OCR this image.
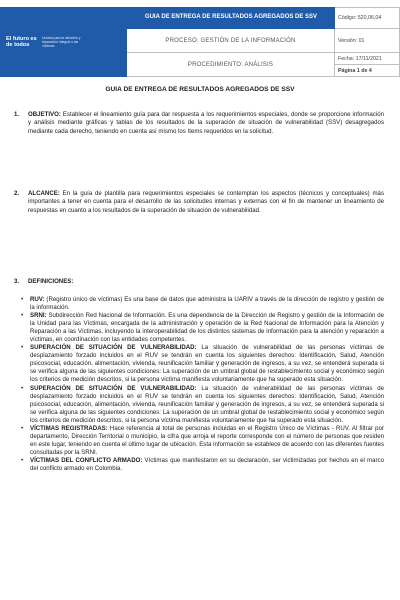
El futuro es de todos
Unidad para la atención y reparación integral a las víctimas
GUIA DE ENTREGA DE RESULTADOS AGREGADOS DE SSV
PROCESO: GESTIÓN DE LA INFORMACIÓN
PROCEDIMIENTO: ANÁLISIS
Código: 520,06,04
Versión: 01
Fecha: 17/11/2021
Página 1 de 4
GUIA DE ENTREGA DE RESULTADOS AGREGADOS DE SSV
1. OBJETIVO: Establecer el lineamiento guía para dar respuesta a los requerimientos especiales, donde se proporcione información y análisis mediante gráficas y tablas de los resultados de la superación de situación de vulnerabilidad (SSV) desagregados mediante cada derecho, teniendo en cuenta así mismo los ítems requeridos en la solicitud.
2. ALCANCE: En la guía de plantilla para requerimientos especiales se contemplan los aspectos (técnicos y conceptuales) más importantes a tener en cuenta para el desarrollo de las solicitudes internas y externas con el fin de mantener un lineamiento de respuestas en cuanto a los resultados de la superación de situación de vulnerabilidad.
3. DEFINICIONES:
• RUV: (Registro único de víctimas) Es una base de datos que administra la UARIV a través de la dirección de registro y gestión de la información.
• SRNI: Subdirección Red Nacional de Información. Es una dependencia de la Dirección de Registro y gestión de la Información de la Unidad para las Víctimas, encargada de la administración y operación de la Red Nacional de Información para la Atención y Reparación a las Víctimas, incluyendo la interoperabilidad de los distintos sistemas de información para la atención y reparación a víctimas, en coordinación con las entidades competentes.
• SUPERACIÓN DE SITUACIÓN DE VULNERABILIDAD: La situación de vulnerabilidad de las personas víctimas de desplazamiento forzado incluidos en el RUV se tendrán en cuenta los siguientes derechos: Identificación, Salud, Atención psicosocial, educación, alimentación, vivienda, reunificación familiar y generación de ingresos, a su vez, se entenderá superada si se verifica alguna de las siguientes condiciones: La superación de un umbral global de restablecimiento social y económico según los criterios de medición descritos, si la persona víctima manifiesta voluntariamente que ha superado esta situación.
• SUPERACIÓN DE SITUACIÓN DE VULNERABILIDAD: La situación de vulnerabilidad de las personas víctimas de desplazamiento forzado incluidos en el RUV se tendrán en cuenta los siguientes derechos: Identificación, Salud, Atención psicosocial, educación, alimentación, vivienda, reunificación familiar y generación de ingresos, a su vez, se entenderá superada si se verifica alguna de las siguientes condiciones: La superación de un umbral global de restablecimiento social y económico según los criterios de medición descritos, si la persona víctima manifiesta voluntariamente que ha superado esta situación.
• VÍCTIMAS REGISTRADAS: Hace referencia al total de personas incluidas en el Registro Único de Víctimas - RUV. Al filtrar por departamento, Dirección Territorial o municipio, la cifra que arroja el reporte corresponde con el número de personas que residen en este lugar, teniendo en cuenta el último lugar de ubicación. Esta información se establece de acuerdo con las diferentes fuentes consultadas por la SRNI.
• VÍCTIMAS DEL CONFLICTO ARMADO: Víctimas que manifestaron en su declaración, ser victimizadas por hechos en el marco del conflicto armado en Colombia.
